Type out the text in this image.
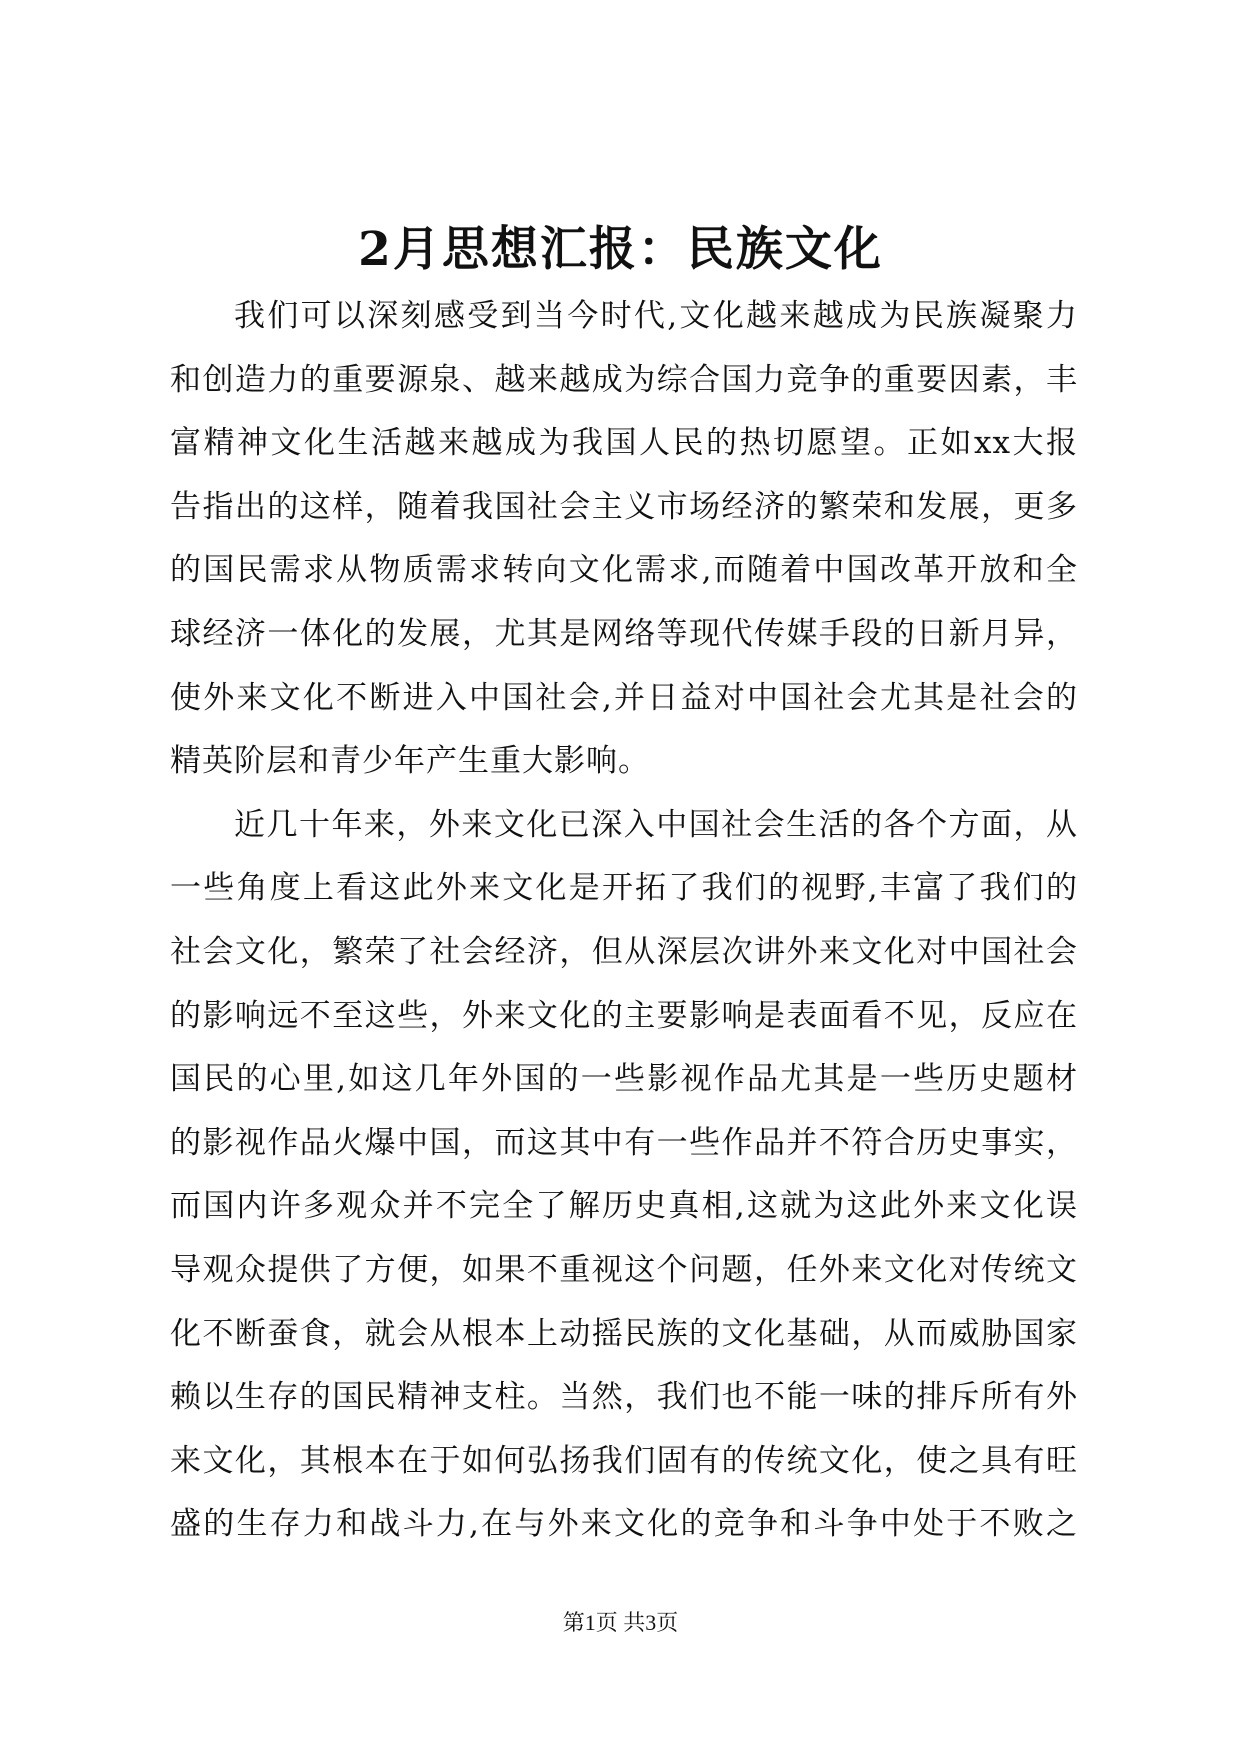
2月思想汇报：民族文化
我们可以深刻感受到当今时代,文化越来越成为民族凝聚力
和创造力的重要源泉、越来越成为综合国力竞争的重要因素，丰
富精神文化生活越来越成为我国人民的热切愿望。正如xx大报
告指出的这样，随着我国社会主义市场经济的繁荣和发展，更多
的国民需求从物质需求转向文化需求,而随着中国改革开放和全
球经济一体化的发展，尤其是网络等现代传媒手段的日新月异，
使外来文化不断进入中国社会,并日益对中国社会尤其是社会的
精英阶层和青少年产生重大影响。
近几十年来，外来文化已深入中国社会生活的各个方面，从
一些角度上看这此外来文化是开拓了我们的视野,丰富了我们的
社会文化，繁荣了社会经济，但从深层次讲外来文化对中国社会
的影响远不至这些，外来文化的主要影响是表面看不见，反应在
国民的心里,如这几年外国的一些影视作品尤其是一些历史题材
的影视作品火爆中国，而这其中有一些作品并不符合历史事实，
而国内许多观众并不完全了解历史真相,这就为这此外来文化误
导观众提供了方便，如果不重视这个问题，任外来文化对传统文
化不断蚕食，就会从根本上动摇民族的文化基础，从而威胁国家
赖以生存的国民精神支柱。当然，我们也不能一味的排斥所有外
来文化，其根本在于如何弘扬我们固有的传统文化，使之具有旺
盛的生存力和战斗力,在与外来文化的竞争和斗争中处于不败之
第1页 共3页
